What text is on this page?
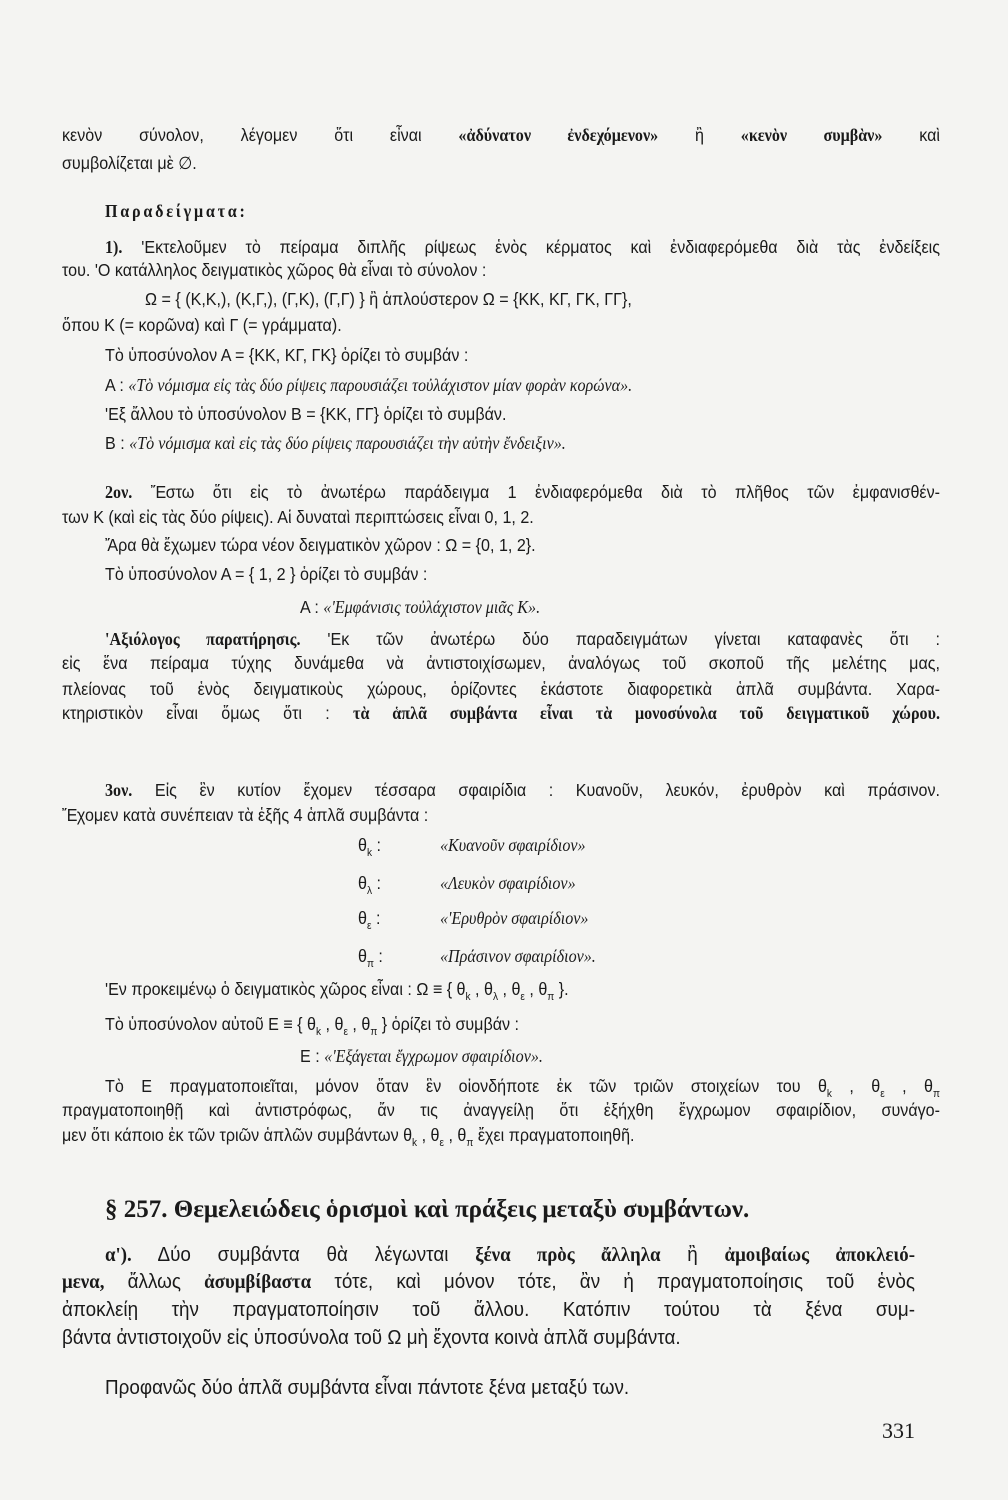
331
κενὸν σύνολον, λέγομεν ὅτι εἶναι «ἀδύνατον ἐνδεχόμενον» ἢ «κενὸν συμβὰν» καὶ
συμβολίζεται μὲ ∅.
Παραδείγματα:
1). 'Εκτελοῦμεν τὸ πείραμα διπλῆς ρίψεως ἑνὸς κέρματος καὶ ἐνδιαφερόμεθα διὰ τὰς ἐνδείξεις
του. 'Ο κατάλληλος δειγματικὸς χῶρος θὰ εἶναι τὸ σύνολον :
Ω = { (Κ,Κ,), (Κ,Γ,), (Γ,Κ), (Γ,Γ) } ἢ ἁπλούστερον Ω = {ΚΚ, ΚΓ, ΓΚ, ΓΓ},
ὅπου Κ (= κορῶνα) καὶ Γ (= γράμματα).
Τὸ ὑποσύνολον Α = {ΚΚ, ΚΓ, ΓΚ} ὁρίζει τὸ συμβάν :
Α : «Τὸ νόμισμα εἰς τὰς δύο ρίψεις παρουσιάζει τοὐλάχιστον μίαν φορὰν κορώνα».
'Εξ ἄλλου τὸ ὑποσύνολον Β = {ΚΚ, ΓΓ} ὁρίζει τὸ συμβάν.
Β : «Τὸ νόμισμα καὶ εἰς τὰς δύο ρίψεις παρουσιάζει τὴν αὐτὴν ἔνδειξιν».
2ον. Ἔστω ὅτι εἰς τὸ ἀνωτέρω παράδειγμα 1 ἐνδιαφερόμεθα διὰ τὸ πλῆθος τῶν ἐμφανισθέν-
των Κ (καὶ εἰς τὰς δύο ρίψεις). Αἱ δυναταὶ περιπτώσεις εἶναι 0, 1, 2.
Ἄρα θὰ ἔχωμεν τώρα νέον δειγματικὸν χῶρον : Ω = {0, 1, 2}.
Τὸ ὑποσύνολον Α = { 1, 2 } ὁρίζει τὸ συμβάν :
Α : «'Εμφάνισις τοὐλάχιστον μιᾶς Κ».
'Αξιόλογος παρατήρησις. 'Εκ τῶν ἀνωτέρω δύο παραδειγμάτων γίνεται καταφανὲς ὅτι :
εἰς ἕνα πείραμα τύχης δυνάμεθα νὰ ἀντιστοιχίσωμεν, ἀναλόγως τοῦ σκοποῦ τῆς μελέτης μας,
πλείονας τοῦ ἑνὸς δειγματικοὺς χώρους, ὁρίζοντες ἑκάστοτε διαφορετικὰ ἁπλᾶ συμβάντα. Χαρα-
κτηριστικὸν εἶναι ὅμως ὅτι : τὰ ἁπλᾶ συμβάντα εἶναι τὰ μονοσύνολα τοῦ δειγματικοῦ χώρου.
3ον. Εἰς ἓν κυτίον ἔχομεν τέσσαρα σφαιρίδια : Κυανοῦν, λευκόν, ἐρυθρὸν καὶ πράσινον.
Ἔχομεν κατὰ συνέπειαν τὰ ἑξῆς 4 ἁπλᾶ συμβάντα :
$\theta_k$ :	«Κυανοῦν σφαιρίδιον»
$\theta_\lambda$ :	«Λευκὸν σφαιρίδιον»
$\theta_\varepsilon$ :	«'Ερυθρὸν σφαιρίδιον»
$\theta_\pi$ :	«Πράσινον σφαιρίδιον».
'Εν προκειμένῳ ὁ δειγματικὸς χῶρος εἶναι : Ω ≡ { $\theta_k$ , $\theta_\lambda$ , $\theta_\varepsilon$ , $\theta_\pi$ }.
Τὸ ὑποσύνολον αὐτοῦ Ε ≡ { $\theta_k$ , $\theta_\varepsilon$ , $\theta_\pi$ } ὁρίζει τὸ συμβάν :
Ε : «'Εξάγεται ἔγχρωμον σφαιρίδιον».
Τὸ Ε πραγματοποιεῖται, μόνον ὅταν ἓν οἱονδήποτε ἐκ τῶν τριῶν στοιχείων του $\theta_k$ , $\theta_\varepsilon$ , $\theta_\pi$
πραγματοποιηθῇ καὶ ἀντιστρόφως, ἄν τις ἀναγγείλῃ ὅτι ἐξήχθη ἔγχρωμον σφαιρίδιον, συνάγο-
μεν ὅτι κάποιο ἐκ τῶν τριῶν ἁπλῶν συμβάντων $\theta_k$ , $\theta_\varepsilon$ , $\theta_\pi$ ἔχει πραγματοποιηθῆ.
§ 257. Θεμελειώδεις ὁρισμοὶ καὶ πράξεις μεταξὺ συμβάντων.
α'). Δύο συμβάντα θὰ λέγωνται ξένα πρὸς ἄλληλα ἢ ἀμοιβαίως ἀποκλειό-
μενα, ἄλλως ἀσυμβίβαστα τότε, καὶ μόνον τότε, ἂν ἡ πραγματοποίησις τοῦ ἑνὸς
ἀποκλείῃ τὴν πραγματοποίησιν τοῦ ἄλλου. Κατόπιν τούτου τὰ ξένα συμ-
βάντα ἀντιστοιχοῦν εἰς ὑποσύνολα τοῦ Ω μὴ ἔχοντα κοινὰ ἁπλᾶ συμβάντα.
Προφανῶς δύο ἁπλᾶ συμβάντα εἶναι πάντοτε ξένα μεταξύ των.
